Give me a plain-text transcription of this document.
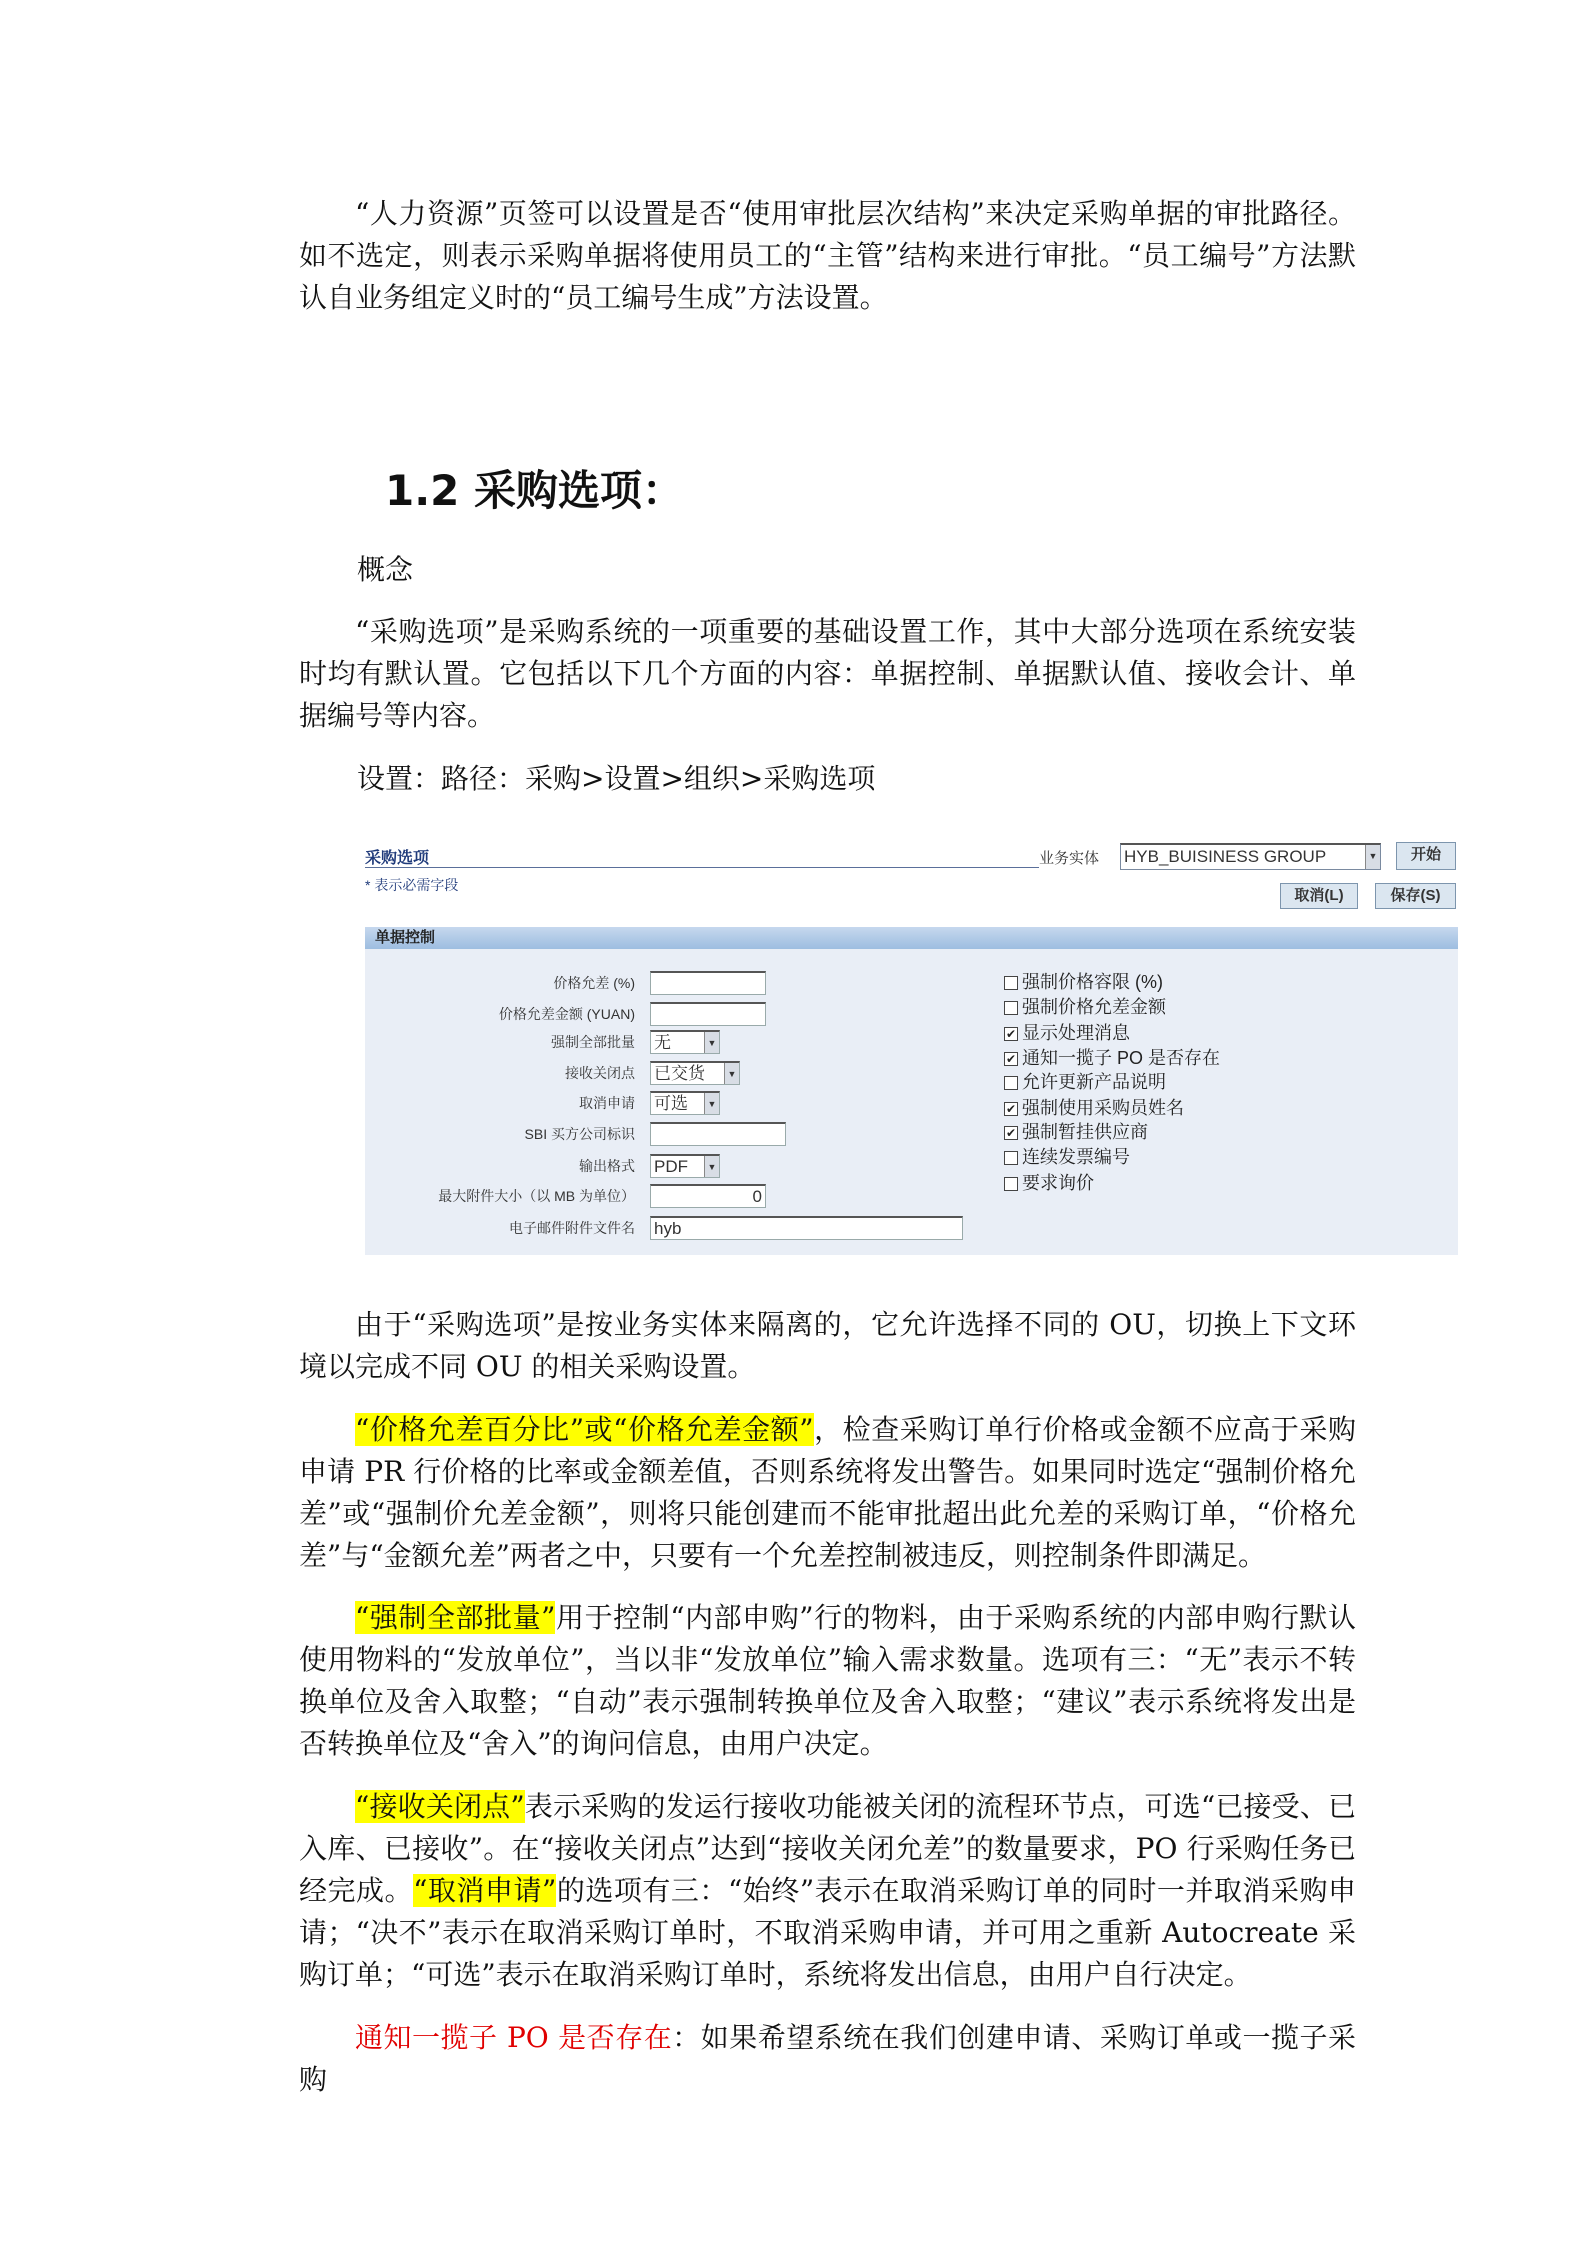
“人力资源”页签可以设置是否“使用审批层次结构”来决定采购单据的审批路径。如不选定，则表示采购单据将使用员工的“主管”结构来进行审批。“员工编号”方法默认自业务组定义时的“员工编号生成”方法设置。

1.2 采购选项：

概念

“采购选项”是采购系统的一项重要的基础设置工作，其中大部分选项在系统安装时均有默认置。它包括以下几个方面的内容：单据控制、单据默认值、接收会计、单据编号等内容。

设置：路径：采购>设置>组织>采购选项

采购选项	业务实体 HYB_BUISINESS GROUP	▼	开始
* 表示必需字段
取消(L)	保存(S)
单据控制
价格允差 (%)
价格允差金额 (YUAN)
强制全部批量 无	▼
接收关闭点 已交货	▼
取消申请 可选	▼
SBI 买方公司标识
输出格式 PDF	▼
最大附件大小（以 MB 为单位）	0
电子邮件附件文件名 hyb
强制价格容限 (%)
强制价格允差金额
✔ 显示处理消息
✔ 通知一揽子 PO 是否存在
允许更新产品说明
✔ 强制使用采购员姓名
✔ 强制暂挂供应商
连续发票编号
要求询价

由于“采购选项”是按业务实体来隔离的，它允许选择不同的 OU，切换上下文环境以完成不同 OU 的相关采购设置。

“价格允差百分比”或“价格允差金额”，检查采购订单行价格或金额不应高于采购申请 PR 行价格的比率或金额差值，否则系统将发出警告。如果同时选定“强制价格允差”或“强制价允差金额”，则将只能创建而不能审批超出此允差的采购订单，“价格允差”与“金额允差”两者之中，只要有一个允差控制被违反，则控制条件即满足。

“强制全部批量”用于控制“内部申购”行的物料，由于采购系统的内部申购行默认使用物料的“发放单位”，当以非“发放单位”输入需求数量。选项有三：“无”表示不转换单位及舍入取整；“自动”表示强制转换单位及舍入取整；“建议”表示系统将发出是否转换单位及“舍入”的询问信息，由用户决定。

“接收关闭点”表示采购的发运行接收功能被关闭的流程环节点，可选“已接受、已入库、已接收”。在“接收关闭点”达到“接收关闭允差”的数量要求，PO 行采购任务已经完成。“取消申请”的选项有三：“始终”表示在取消采购订单的同时一并取消采购申请；“决不”表示在取消采购订单时，不取消采购申请，并可用之重新 Autocreate 采购订单；“可选”表示在取消采购订单时，系统将发出信息，由用户自行决定。

通知一揽子 PO 是否存在：如果希望系统在我们创建申请、采购订单或一揽子采购
